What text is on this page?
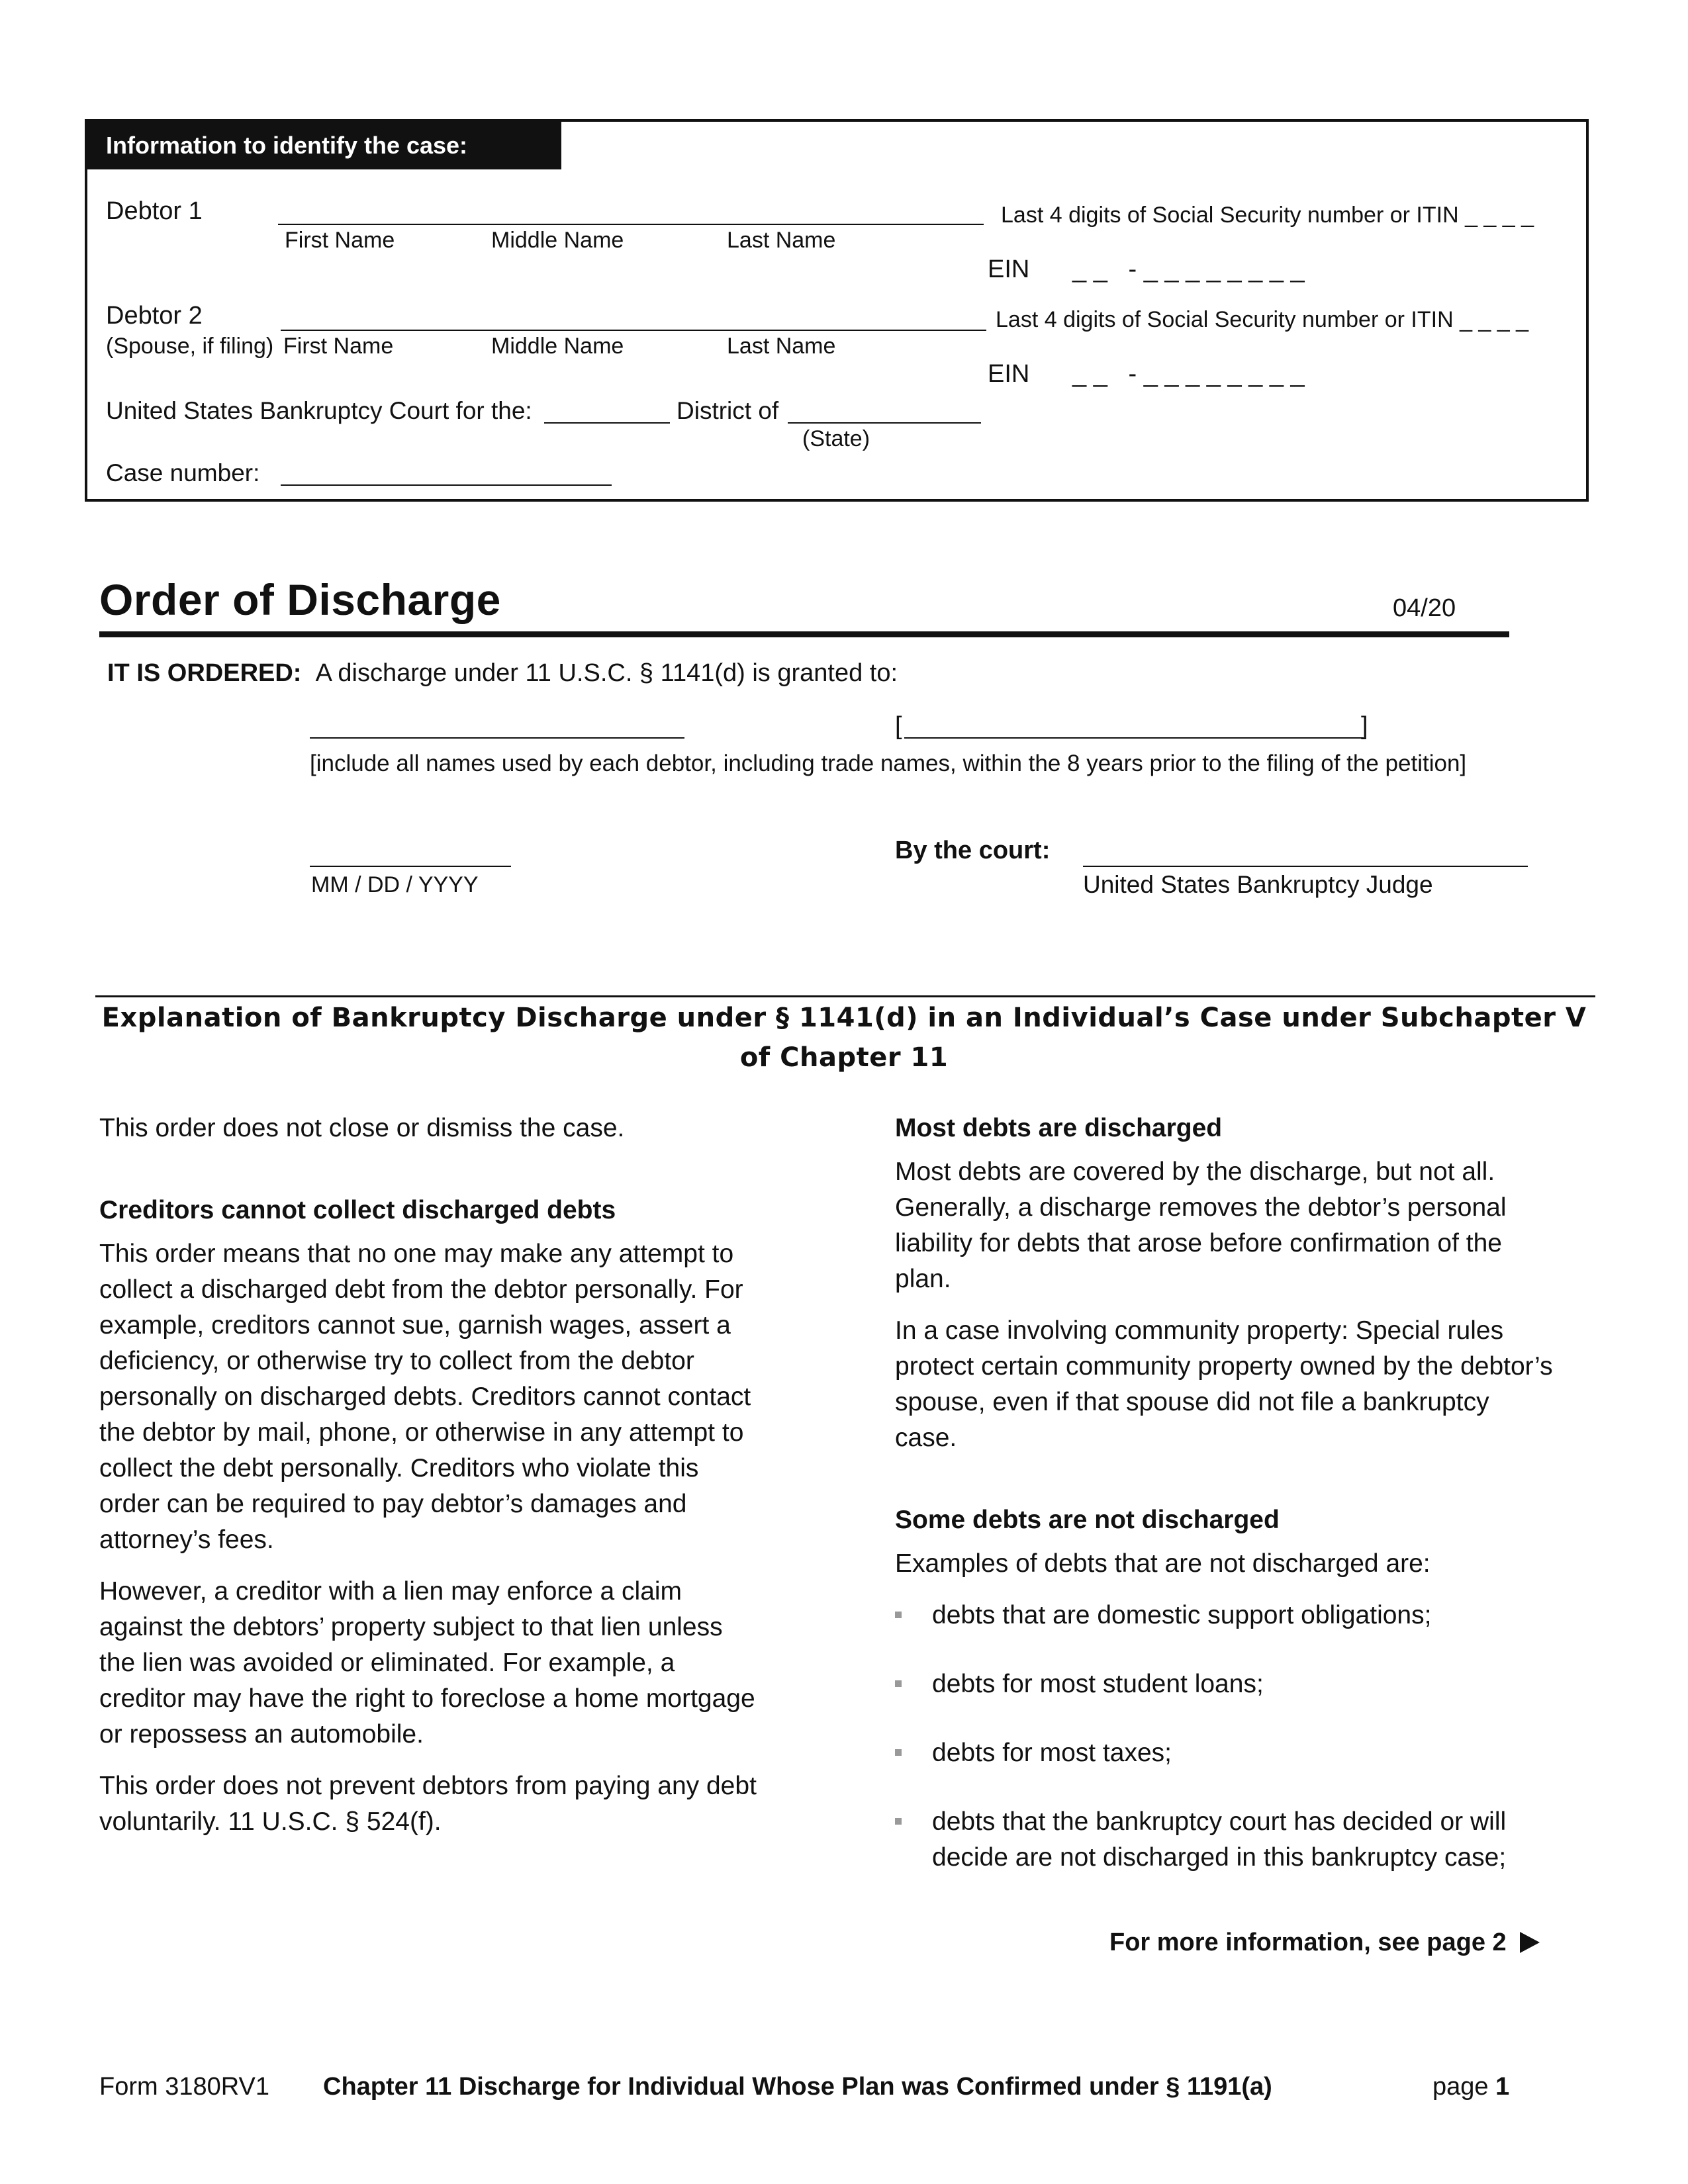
Information to identify the case:
Debtor 1
First Name	Middle Name	Last Name
Last 4 digits of Social Security number or ITIN _ _ _ _
EIN _ _   - _ _ _ _ _ _ _ _
Debtor 2
(Spouse, if filing) First Name	Middle Name	Last Name
Last 4 digits of Social Security number or ITIN _ _ _ _
EIN _ _   - _ _ _ _ _ _ _ _
United States Bankruptcy Court for the:	District of
(State)
Case number:
Order of Discharge	04/20
IT IS ORDERED: A discharge under 11 U.S.C. § 1141(d) is granted to:
[	]
[include all names used by each debtor, including trade names, within the 8 years prior to the filing of the petition]
MM / DD / YYYY
By the court:
United States Bankruptcy Judge
Explanation of Bankruptcy Discharge under § 1141(d) in an Individual’s Case under Subchapter V of Chapter 11

This order does not close or dismiss the case.

Creditors cannot collect discharged debts

This order means that no one may make any attempt to collect a discharged debt from the debtor personally. For example, creditors cannot sue, garnish wages, assert a deficiency, or otherwise try to collect from the debtor personally on discharged debts. Creditors cannot contact the debtor by mail, phone, or otherwise in any attempt to collect the debt personally. Creditors who violate this order can be required to pay debtor’s damages and attorney’s fees.

However, a creditor with a lien may enforce a claim against the debtors’ property subject to that lien unless the lien was avoided or eliminated. For example, a creditor may have the right to foreclose a home mortgage or repossess an automobile.

This order does not prevent debtors from paying any debt voluntarily. 11 U.S.C. § 524(f).

Most debts are discharged

Most debts are covered by the discharge, but not all. Generally, a discharge removes the debtor’s personal liability for debts that arose before confirmation of the plan.

In a case involving community property: Special rules protect certain community property owned by the debtor’s spouse, even if that spouse did not file a bankruptcy case.

Some debts are not discharged

Examples of debts that are not discharged are:

debts that are domestic support obligations;
debts for most student loans;
debts for most taxes;
debts that the bankruptcy court has decided or will decide are not discharged in this bankruptcy case;
For more information, see page 2
Form 3180RV1 Chapter 11 Discharge for Individual Whose Plan was Confirmed under § 1191(a)	page 1
